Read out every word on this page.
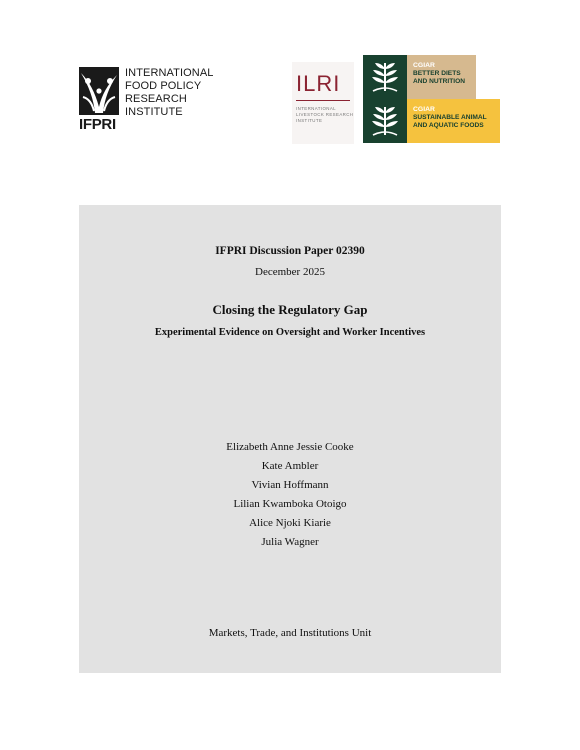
IFPRI
INTERNATIONAL
FOOD POLICY
RESEARCH
INSTITUTE
ILRI
INTERNATIONAL
LIVESTOCK RESEARCH
INSTITUTE
CGIAR
BETTER DIETS
AND NUTRITION
CGIAR
SUSTAINABLE ANIMAL
AND AQUATIC FOODS
IFPRI Discussion Paper 02390
December 2025
Closing the Regulatory Gap
Experimental Evidence on Oversight and Worker Incentives
Elizabeth Anne Jessie Cooke
Kate Ambler
Vivian Hoffmann
Lilian Kwamboka Otoigo
Alice Njoki Kiarie
Julia Wagner
Markets, Trade, and Institutions Unit
